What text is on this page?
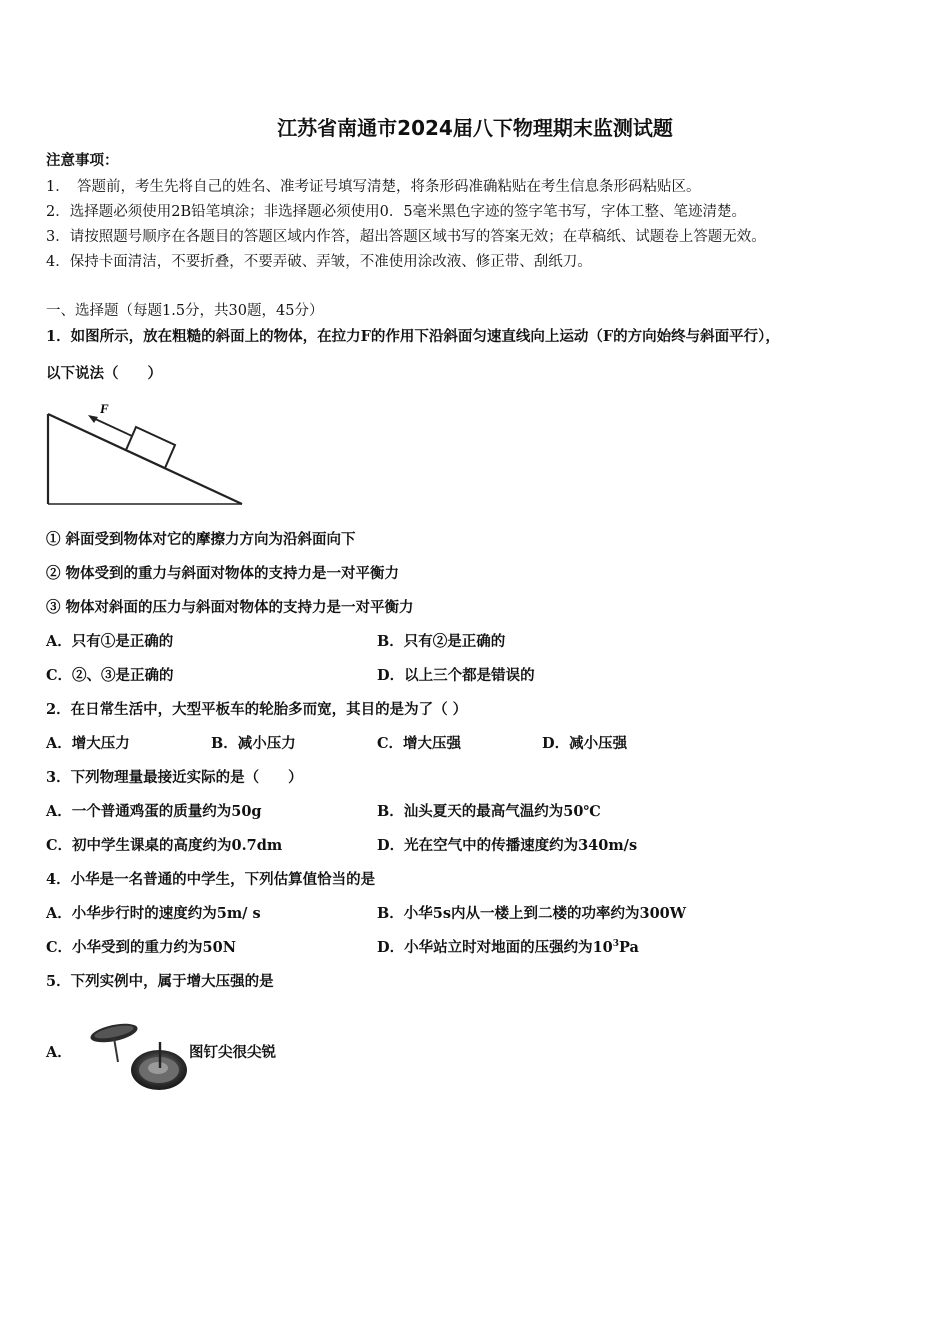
江苏省南通市2024届八下物理期末监测试题
注意事项：
1．　答题前，考生先将自己的姓名、准考证号填写清楚，将条形码准确粘贴在考生信息条形码粘贴区。
2．选择题必须使用2B铅笔填涂；非选择题必须使用0．5毫米黑色字迹的签字笔书写，字体工整、笔迹清楚。
3．请按照题号顺序在各题目的答题区域内作答，超出答题区域书写的答案无效；在草稿纸、试题卷上答题无效。
4．保持卡面清洁，不要折叠，不要弄破、弄皱，不准使用涂改液、修正带、刮纸刀。
一、选择题（每题1.5分，共30题，45分）
1．如图所示，放在粗糙的斜面上的物体，在拉力F的作用下沿斜面匀速直线向上运动（F的方向始终与斜面平行），
以下说法（　　）
F
① 斜面受到物体对它的摩擦力方向为沿斜面向下
② 物体受到的重力与斜面对物体的支持力是一对平衡力
③ 物体对斜面的压力与斜面对物体的支持力是一对平衡力
A．只有①是正确的	B．只有②是正确的
C．②、③是正确的	D．以上三个都是错误的
2．在日常生活中，大型平板车的轮胎多而宽，其目的是为了（ ）
A．增大压力	B．减小压力	C．增大压强	D．减小压强
3．下列物理量最接近实际的是（　　）
A．一个普通鸡蛋的质量约为50g	B．汕头夏天的最高气温约为50℃
C．初中学生课桌的高度约为0.7dm	D．光在空气中的传播速度约为340m/s
4．小华是一名普通的中学生，下列估算值恰当的是
A．小华步行时的速度约为5m/ s	B．小华5s内从一楼上到二楼的功率约为300W
C．小华受到的重力约为50N	D．小华站立时对地面的压强约为$10^3Pa$
5．下列实例中，属于增大压强的是
A．	图钉尖很尖锐
